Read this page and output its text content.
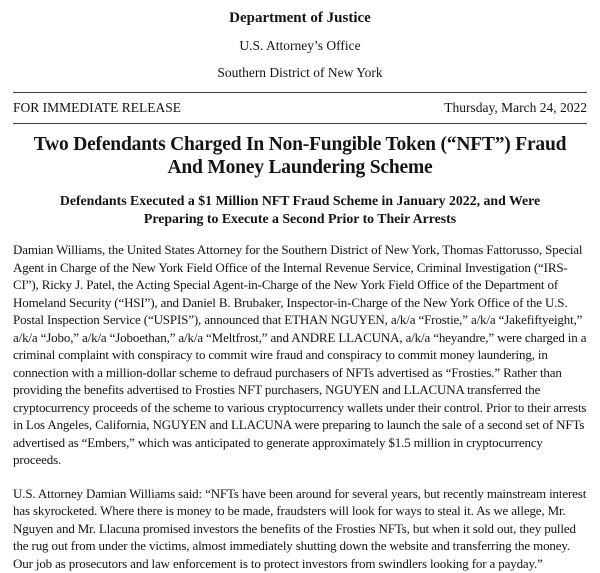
Department of Justice
U.S. Attorney’s Office
Southern District of New York
FOR IMMEDIATE RELEASE	Thursday, March 24, 2022
Two Defendants Charged In Non-Fungible Token (“NFT”) Fraud
And Money Laundering Scheme
Defendants Executed a $1 Million NFT Fraud Scheme in January 2022, and Were
Preparing to Execute a Second Prior to Their Arrests

Damian Williams, the United States Attorney for the Southern District of New York, Thomas Fattorusso, Special Agent in Charge of the New York Field Office of the Internal Revenue Service, Criminal Investigation (“IRS-CI”), Ricky J. Patel, the Acting Special Agent-in-Charge of the New York Field Office of the Department of Homeland Security (“HSI”), and Daniel B. Brubaker, Inspector-in-Charge of the New York Office of the U.S. Postal Inspection Service (“USPIS”), announced that ETHAN NGUYEN, a/k/a “Frostie,” a/k/a “Jakefiftyeight,” a/k/a “Jobo,” a/k/a “Joboethan,” a/k/a “Meltfrost,” and ANDRE LLACUNA, a/k/a “heyandre,” were charged in a criminal complaint with conspiracy to commit wire fraud and conspiracy to commit money laundering, in connection with a million-dollar scheme to defraud purchasers of NFTs advertised as “Frosties.” Rather than providing the benefits advertised to Frosties NFT purchasers, NGUYEN and LLACUNA transferred the cryptocurrency proceeds of the scheme to various cryptocurrency wallets under their control. Prior to their arrests in Los Angeles, California, NGUYEN and LLACUNA were preparing to launch the sale of a second set of NFTs advertised as “Embers,” which was anticipated to generate approximately $1.5 million in cryptocurrency proceeds.

U.S. Attorney Damian Williams said: “NFTs have been around for several years, but recently mainstream interest has skyrocketed. Where there is money to be made, fraudsters will look for ways to steal it. As we allege, Mr. Nguyen and Mr. Llacuna promised investors the benefits of the Frosties NFTs, but when it sold out, they pulled the rug out from under the victims, almost immediately shutting down the website and transferring the money. Our job as prosecutors and law enforcement is to protect investors from swindlers looking for a payday.”
